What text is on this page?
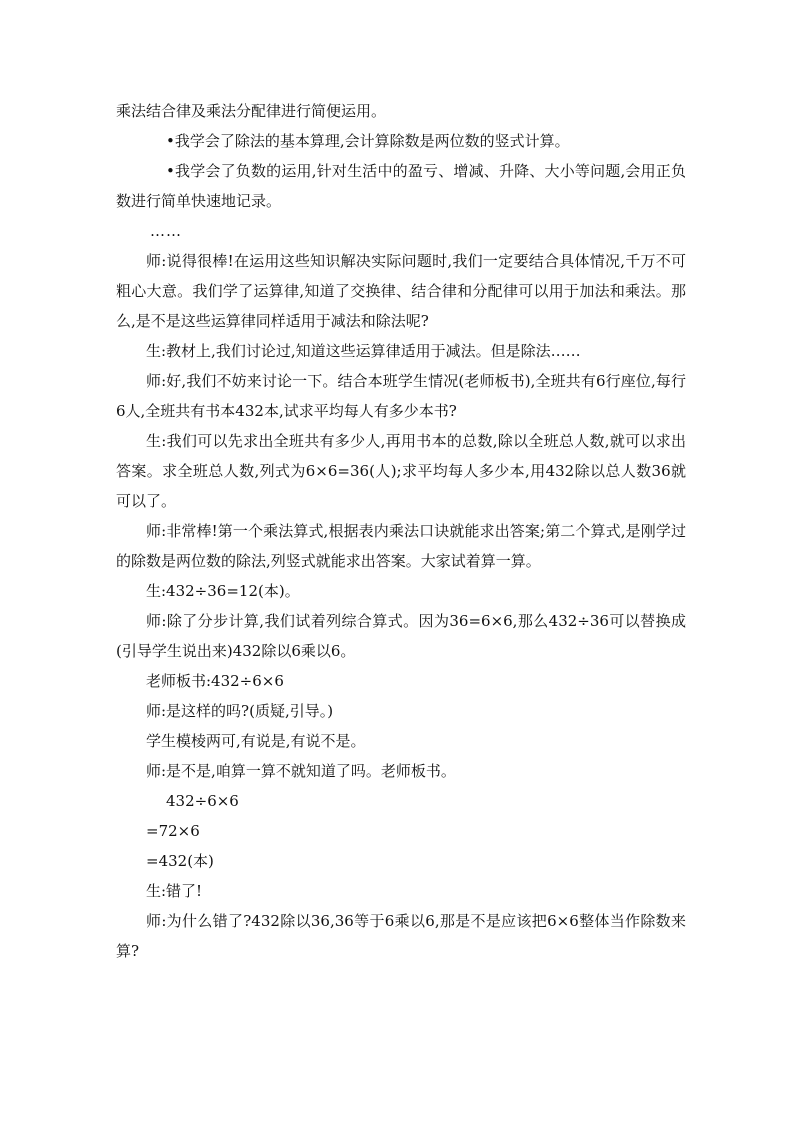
乘法结合律及乘法分配律进行简便运用。

•我学会了除法的基本算理,会计算除数是两位数的竖式计算。

•我学会了负数的运用,针对生活中的盈亏、增减、升降、大小等问题,会用正负数进行简单快速地记录。

……

师:说得很棒!在运用这些知识解决实际问题时,我们一定要结合具体情况,千万不可粗心大意。我们学了运算律,知道了交换律、结合律和分配律可以用于加法和乘法。那么,是不是这些运算律同样适用于减法和除法呢?

生:教材上,我们讨论过,知道这些运算律适用于减法。但是除法……

师:好,我们不妨来讨论一下。结合本班学生情况(老师板书),全班共有6行座位,每行6人,全班共有书本432本,试求平均每人有多少本书?

生:我们可以先求出全班共有多少人,再用书本的总数,除以全班总人数,就可以求出答案。求全班总人数,列式为6×6=36(人);求平均每人多少本,用432除以总人数36就可以了。

师:非常棒!第一个乘法算式,根据表内乘法口诀就能求出答案;第二个算式,是刚学过的除数是两位数的除法,列竖式就能求出答案。大家试着算一算。

生:432÷36=12(本)。

师:除了分步计算,我们试着列综合算式。因为36=6×6,那么432÷36可以替换成(引导学生说出来)432除以6乘以6。

老师板书:432÷6×6

师:是这样的吗?(质疑,引导。)

学生模棱两可,有说是,有说不是。

师:是不是,咱算一算不就知道了吗。老师板书。

432÷6×6

=72×6

=432(本)

生:错了!

师:为什么错了?432除以36,36等于6乘以6,那是不是应该把6×6整体当作除数来算?
